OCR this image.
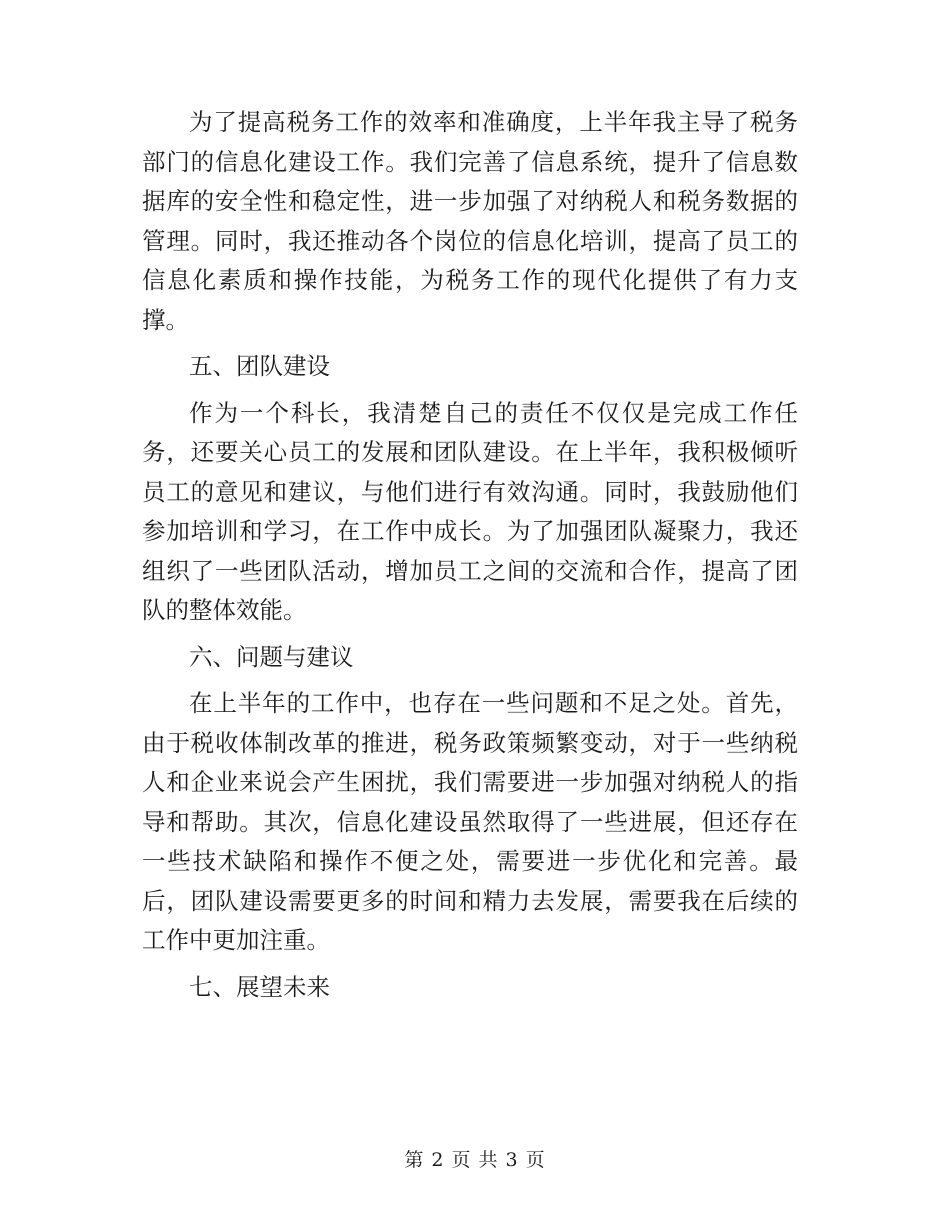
为了提高税务工作的效率和准确度，上半年我主导了税务部门的信息化建设工作。我们完善了信息系统，提升了信息数据库的安全性和稳定性，进一步加强了对纳税人和税务数据的管理。同时，我还推动各个岗位的信息化培训，提高了员工的信息化素质和操作技能，为税务工作的现代化提供了有力支撑。

五、团队建设

作为一个科长，我清楚自己的责任不仅仅是完成工作任务，还要关心员工的发展和团队建设。在上半年，我积极倾听员工的意见和建议，与他们进行有效沟通。同时，我鼓励他们参加培训和学习，在工作中成长。为了加强团队凝聚力，我还组织了一些团队活动，增加员工之间的交流和合作，提高了团队的整体效能。

六、问题与建议

在上半年的工作中，也存在一些问题和不足之处。首先，由于税收体制改革的推进，税务政策频繁变动，对于一些纳税人和企业来说会产生困扰，我们需要进一步加强对纳税人的指导和帮助。其次，信息化建设虽然取得了一些进展，但还存在一些技术缺陷和操作不便之处，需要进一步优化和完善。最后，团队建设需要更多的时间和精力去发展，需要我在后续的工作中更加注重。

七、展望未来

第 2 页 共 3 页
